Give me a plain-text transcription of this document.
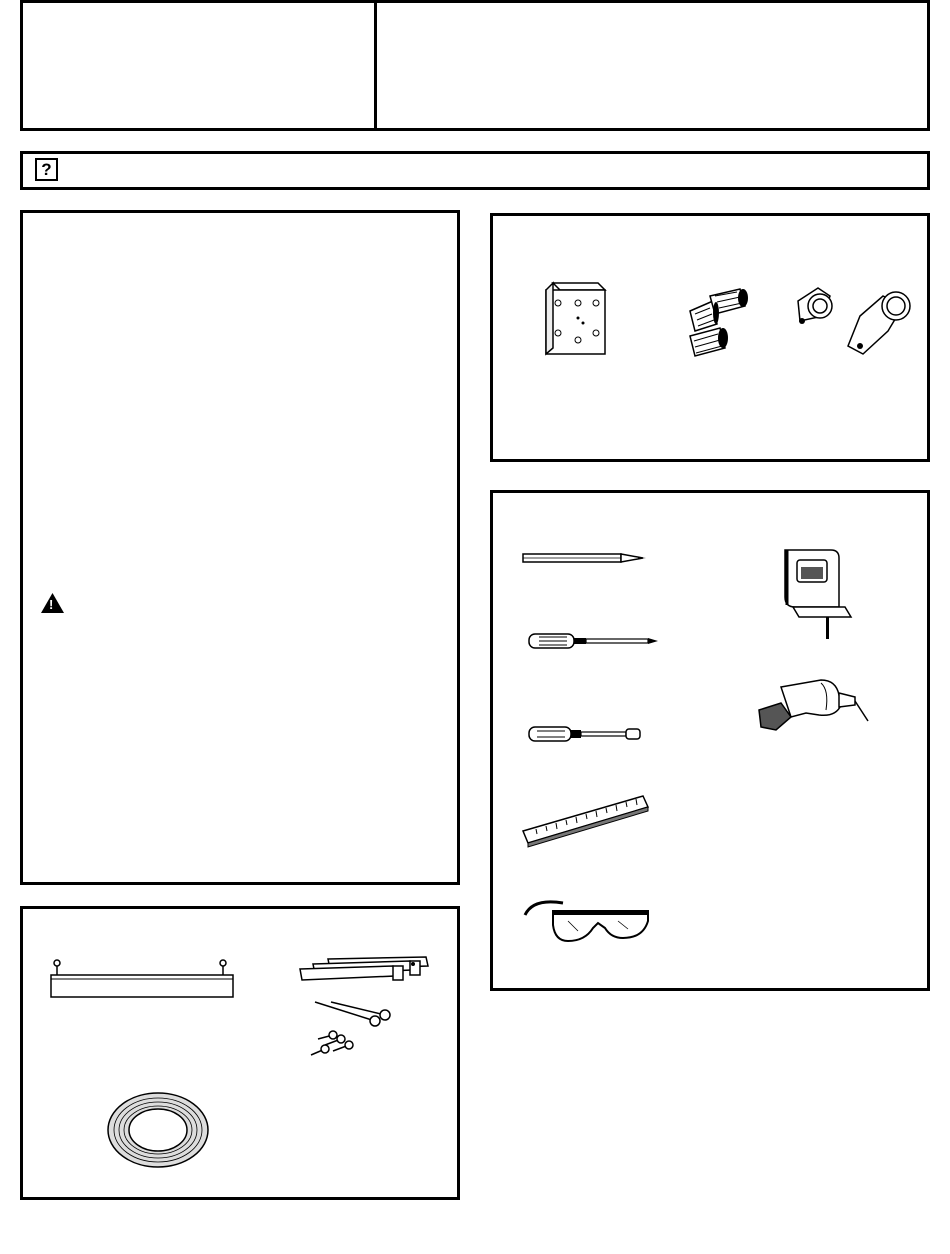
?
!
